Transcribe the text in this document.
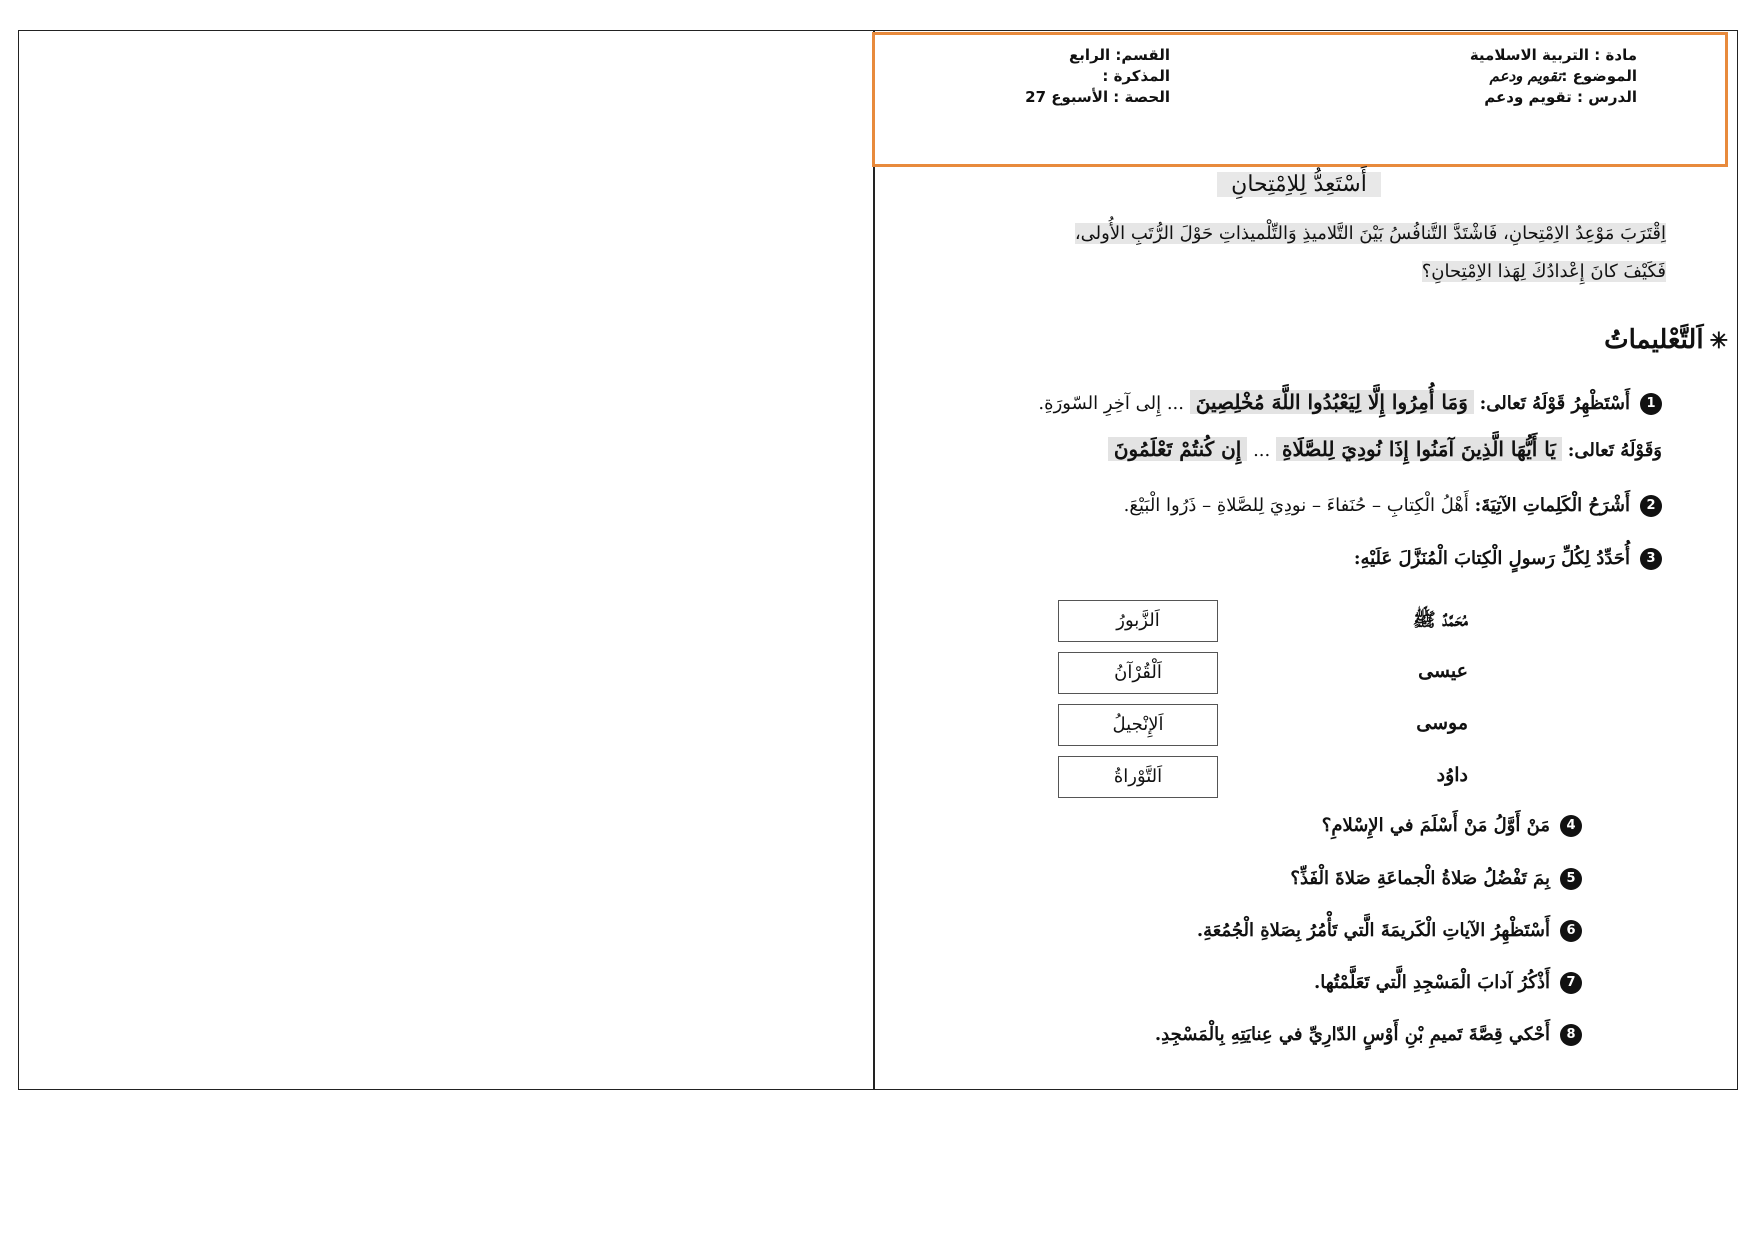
مادة : التربية الاسلامية
الموضوع :تقويم ودعم
الدرس : تقويم ودعم
القسم: الرابع
المذكرة :
الحصة : الأسبوع 27
أَسْتَعِدُّ لِلاِمْتِحانِ
اِقْتَرَبَ مَوْعِدُ الاِمْتِحانِ، فَاشْتَدَّ التَّنافُسُ بَيْنَ التَّلاميذِ وَالتِّلْميذاتِ حَوْلَ الرُّتَبِ الأُولى،
فَكَيْفَ كانَ إِعْدادُكَ لِهَذا الاِمْتِحانِ؟
✳اَلتَّعْليماتُ
1أَسْتَظْهِرُ قَوْلَهُ تَعالى: وَمَا أُمِرُوا إِلَّا لِيَعْبُدُوا اللَّهَ مُخْلِصِينَ ... إِلى آخِرِ السّورَةِ.
وَقَوْلَهُ تَعالى: يَا أَيُّهَا الَّذِينَ آمَنُوا إِذَا نُودِيَ لِلصَّلَاةِ ... إِن كُنتُمْ تَعْلَمُونَ
2أَشْرَحُ الْكَلِماتِ الآتِيَةَ: أَهْلُ الْكِتابِ – حُنَفاءَ – نودِيَ لِلصَّلاةِ – ذَرُوا الْبَيْعَ.
3أُحَدِّدُ لِكُلِّ رَسولٍ الْكِتابَ الْمُنَزَّلَ عَلَيْهِ:
مُحَمَّدٌ ﷺ
اَلزَّبورُ
عيسى
اَلْقُرْآنُ
موسى
اَلإِنْجيلُ
داوُد
اَلتَّوْراةُ
4مَنْ أَوَّلُ مَنْ أَسْلَمَ في الإِسْلامِ؟
5بِمَ تَفْضُلُ صَلاةُ الْجماعَةِ صَلاةَ الْفَذِّ؟
6أَسْتَظْهِرُ الآياتِ الْكَريمَةَ الَّتي تَأْمُرُ بِصَلاةِ الْجُمُعَةِ.
7أَذْكُرُ آدابَ الْمَسْجِدِ الَّتي تَعَلَّمْتُها.
8أَحْكي قِصَّةَ تَميمِ بْنِ أَوْسٍ الدّارِيِّ في عِنايَتِهِ بِالْمَسْجِدِ.
